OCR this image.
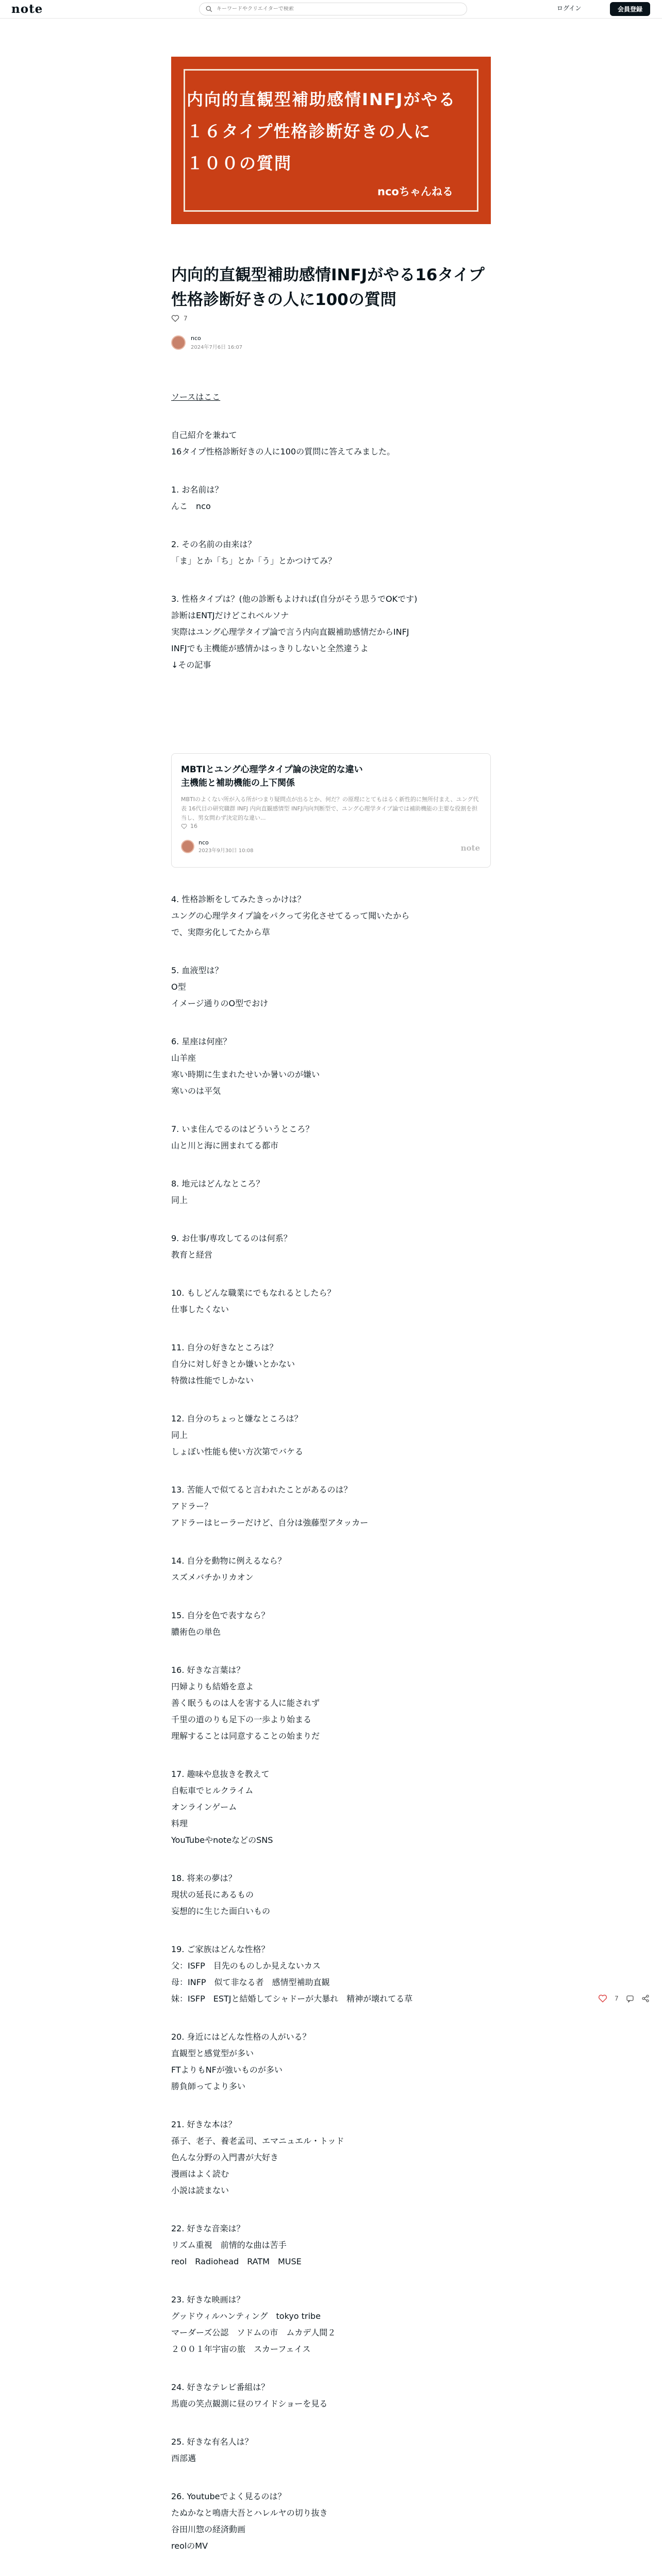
note
キーワードやクリエイターで検索	ログイン	会員登録
内向的直観型補助感情INFJがやる
１６タイプ性格診断好きの人に
１００の質問
ncoちゃんねる
内向的直観型補助感情INFJがやる16タイプ性格診断好きの人に100の質問
7
nco
2024年7月6日 16:07

ソースはここ

自己紹介を兼ねて

16タイプ性格診断好きの人に100の質問に答えてみました。

1. お名前は？

んこ　nco

2. その名前の由来は？

「ま」とか「ち」とか「う」とかつけてみ？

3. 性格タイプは？(他の診断もよければ(自分がそう思うでOKです)

診断はENTJだけどこれベルソナ

実際はユング心理学タイプ論で言う内向直観補助感情だからINFJ

INFJでも主機能が感情かはっきりしないと全然違うよ

↓その記事

MBTIとユング心理学タイプ論の決定的な違い
主機能と補助機能の上下関係
MBTIのよくない所が入る所がつまり疑問点が出るとか、何だ？の原理にとてもはるく新性的に無所付まえ、ユング代表 16代目の研究職群 INFJ 内向直観感情型 INFJ内向判断型で、ユング心理学タイプ論では補助機能の主要な役割を担当し、男女問わず決定的な違い...
16
nco
2023年9月30日 10:08	note

4. 性格診断をしてみたきっかけは？

ユングの心理学タイプ論をパクって劣化させてるって聞いたから

で、実際劣化してたから草

5. 血液型は？

O型

イメージ通りのO型でおけ

6. 星座は何座？

山羊座

寒い時期に生まれたせいか暑いのが嫌い

寒いのは平気

7. いま住んでるのはどういうところ？

山と川と海に囲まれてる都市

8. 地元はどんなところ？

同上

9. お仕事/専攻してるのは何系？

教育と経営

10. もしどんな職業にでもなれるとしたら？

仕事したくない

11. 自分の好きなところは？

自分に対し好きとか嫌いとかない

特徴は性能でしかない

12. 自分のちょっと嫌なところは？

同上

しょぼい性能も使い方次第でバケる

13. 苦能人で似てると言われたことがあるのは？

アドラー？

アドラーはヒーラーだけど、自分は強藤型アタッカー

14. 自分を動物に例えるなら？

スズメバチかリカオン

15. 自分を色で表すなら？

膿術色の単色

16. 好きな言葉は？

円婦よりも結婚を意よ

善く眠うものは人を害する人に能されず

千里の道のりも足下の一歩より始まる

理解することは同意することの始まりだ

17. 趣味や息抜きを教えて

自転車でヒルクライム

オンラインゲーム

料理

YouTubeやnoteなどのSNS

18. 将来の夢は？

現状の延長にあるもの

妄想的に生じた面白いもの

19. ご家族はどんな性格？

父：ISFP　目先のものしか見えないカス

母：INFP　似て非なる者　感情型補助直観

妹：ISFP　ESTJと結婚してシャドーが大暴れ　精神が壊れてる草

20. 身近にはどんな性格の人がいる？

直観型と感覚型が多い

FTよりもNFが強いものが多い

勝負師ってより多い

21. 好きな本は？

孫子、老子、養老孟司、エマニュエル・トッド

色んな分野の入門書が大好き

漫画はよく読む

小説は読まない

22. 好きな音楽は？

リズム重視　前情的な曲は苦手

reol　Radiohead　RATM　MUSE

23. 好きな映画は？

グッドウィルハンティング　tokyo tribe

マーダーズ公認　ソドムの市　ムカデ人間２

２００１年宇宙の旅　スカーフェイス

24. 好きなテレビ番組は？

馬鹿の笑点観測に昼のワイドショーを見る

25. 好きな有名人は？

西部邁

26. Youtubeでよく見るのは？

たぬかなと鳴唐大吾とハレルヤの切り抜き

谷田川惣の経済動画

reolのMV

7
